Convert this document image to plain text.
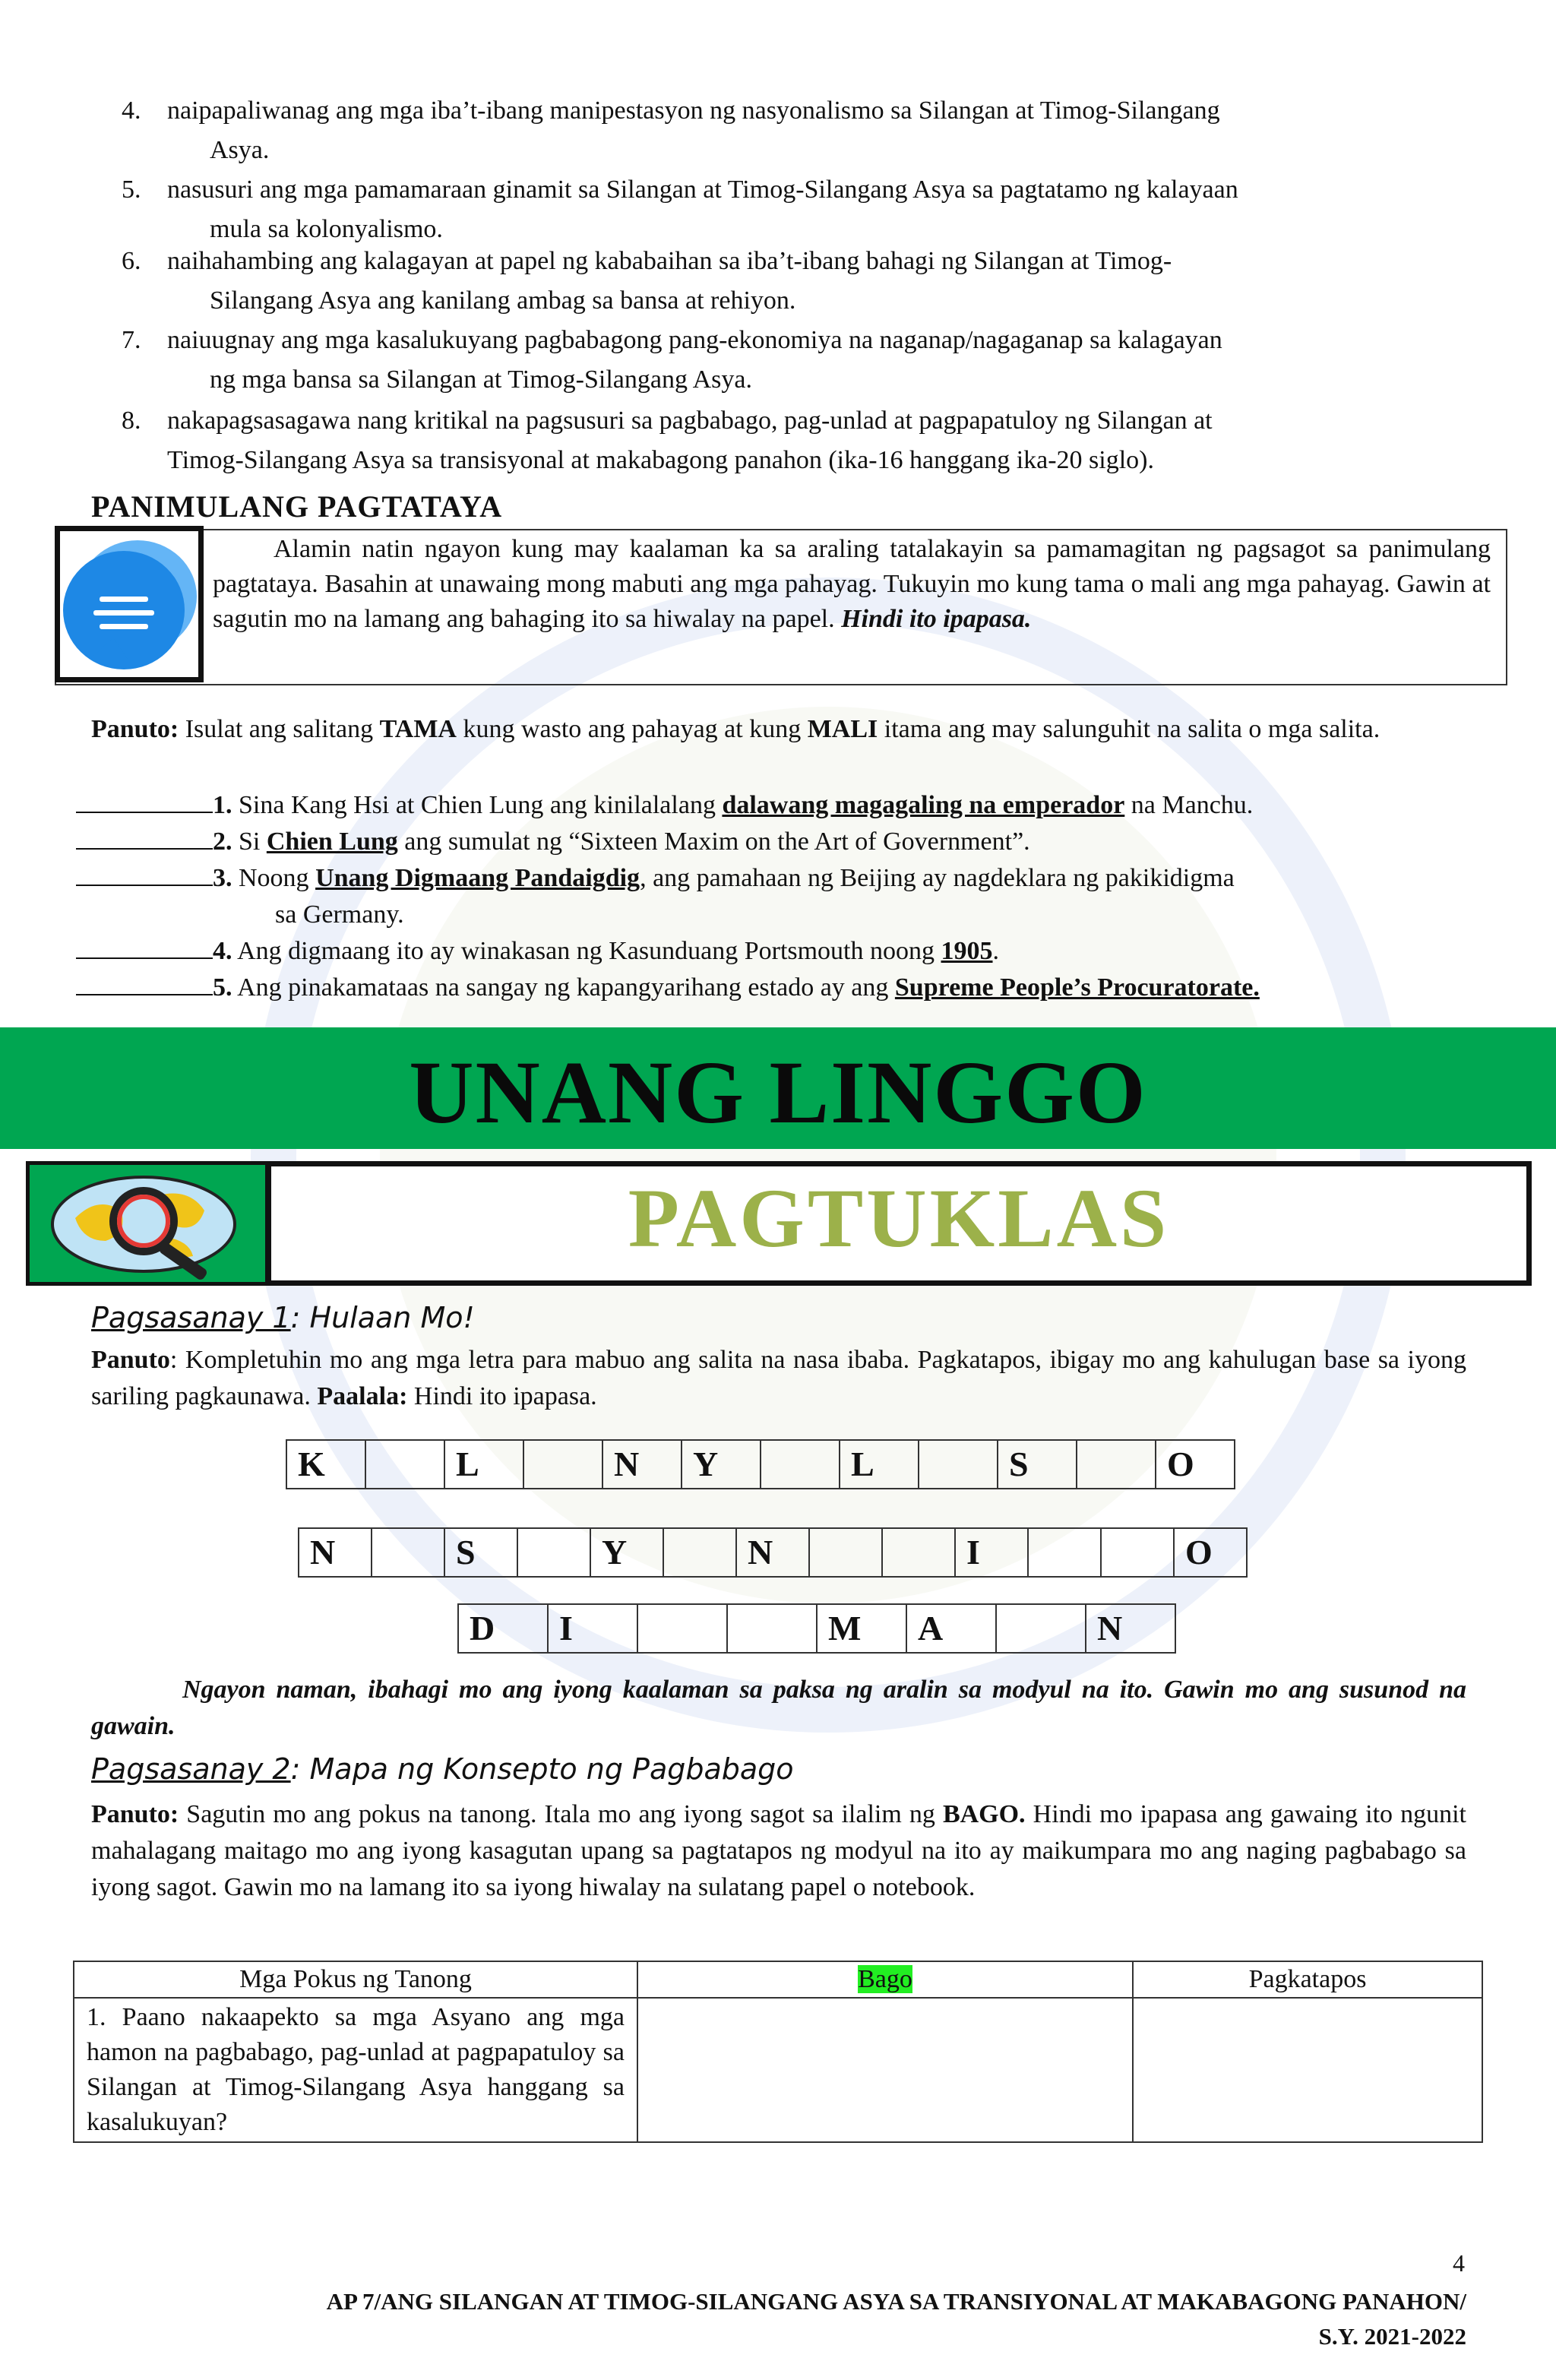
4. naipapaliwanag ang mga iba’t-ibang manipestasyon ng nasyonalismo sa Silangan at Timog-Silangang
Asya.
5. nasusuri ang mga pamamaraan ginamit sa Silangan at Timog-Silangang Asya sa pagtatamo ng kalayaan
mula sa kolonyalismo.
6. naihahambing ang kalagayan at papel ng kababaihan sa iba’t-ibang bahagi ng Silangan at Timog-
Silangang Asya ang kanilang ambag sa bansa at rehiyon.
7. naiuugnay ang mga kasalukuyang pagbabagong pang-ekonomiya na naganap/nagaganap sa kalagayan
ng mga bansa sa Silangan at Timog-Silangang Asya.
8. nakapagsasagawa nang kritikal na pagsusuri sa pagbabago, pag-unlad at pagpapatuloy ng Silangan at
Timog-Silangang Asya sa transisyonal at makabagong panahon (ika-16 hanggang ika-20 siglo).
PANIMULANG PAGTATAYA
Alamin natin ngayon kung may kaalaman ka sa araling tatalakayin sa pamamagitan ng pagsagot sa panimulang pagtataya. Basahin at unawaing mong mabuti ang mga pahayag. Tukuyin mo kung tama o mali ang mga pahayag. Gawin at sagutin mo na lamang ang bahaging ito sa hiwalay na papel. Hindi ito ipapasa.
Panuto: Isulat ang salitang TAMA kung wasto ang pahayag at kung MALI itama ang may salunguhit na salita o mga salita.
1. Sina Kang Hsi at Chien Lung ang kinilalalang dalawang magagaling na emperador na Manchu.
2. Si Chien Lung ang sumulat ng “Sixteen Maxim on the Art of Government”.
3. Noong Unang Digmaang Pandaigdig, ang pamahaan ng Beijing ay nagdeklara ng pakikidigma
sa Germany.
4. Ang digmaang ito ay winakasan ng Kasunduang Portsmouth noong 1905.
5. Ang pinakamataas na sangay ng kapangyarihang estado ay ang Supreme People’s Procuratorate.
UNANG LINGGO
PAGTUKLAS
Pagsasanay 1: Hulaan Mo!
Panuto: Kompletuhin mo ang mga letra para mabuo ang salita na nasa ibaba. Pagkatapos, ibigay mo ang kahulugan base sa iyong sariling pagkaunawa. Paalala: Hindi ito ipapasa.
K	L	N	Y	L	S	O
N	S	Y	N	I	O
D	I	M	A	N
Ngayon naman, ibahagi mo ang iyong kaalaman sa paksa ng aralin sa modyul na ito. Gawin mo ang susunod na gawain.
Pagsasanay 2: Mapa ng Konsepto ng Pagbabago
Panuto: Sagutin mo ang pokus na tanong. Itala mo ang iyong sagot sa ilalim ng BAGO. Hindi mo ipapasa ang gawaing ito ngunit mahalagang maitago mo ang iyong kasagutan upang sa pagtatapos ng modyul na ito ay maikumpara mo ang naging pagbabago sa iyong sagot. Gawin mo na lamang ito sa iyong hiwalay na sulatang papel o notebook.
Mga Pokus ng Tanong	Bago	Pagkatapos
1. Paano nakaapekto sa mga Asyano ang mga hamon na pagbabago, pag-unlad at pagpapatuloy sa Silangan at Timog-Silangang Asya hanggang sa kasalukuyan?		
4
AP 7/ANG SILANGAN AT TIMOG-SILANGANG ASYA SA TRANSIYONAL AT MAKABAGONG PANAHON/
S.Y. 2021-2022
